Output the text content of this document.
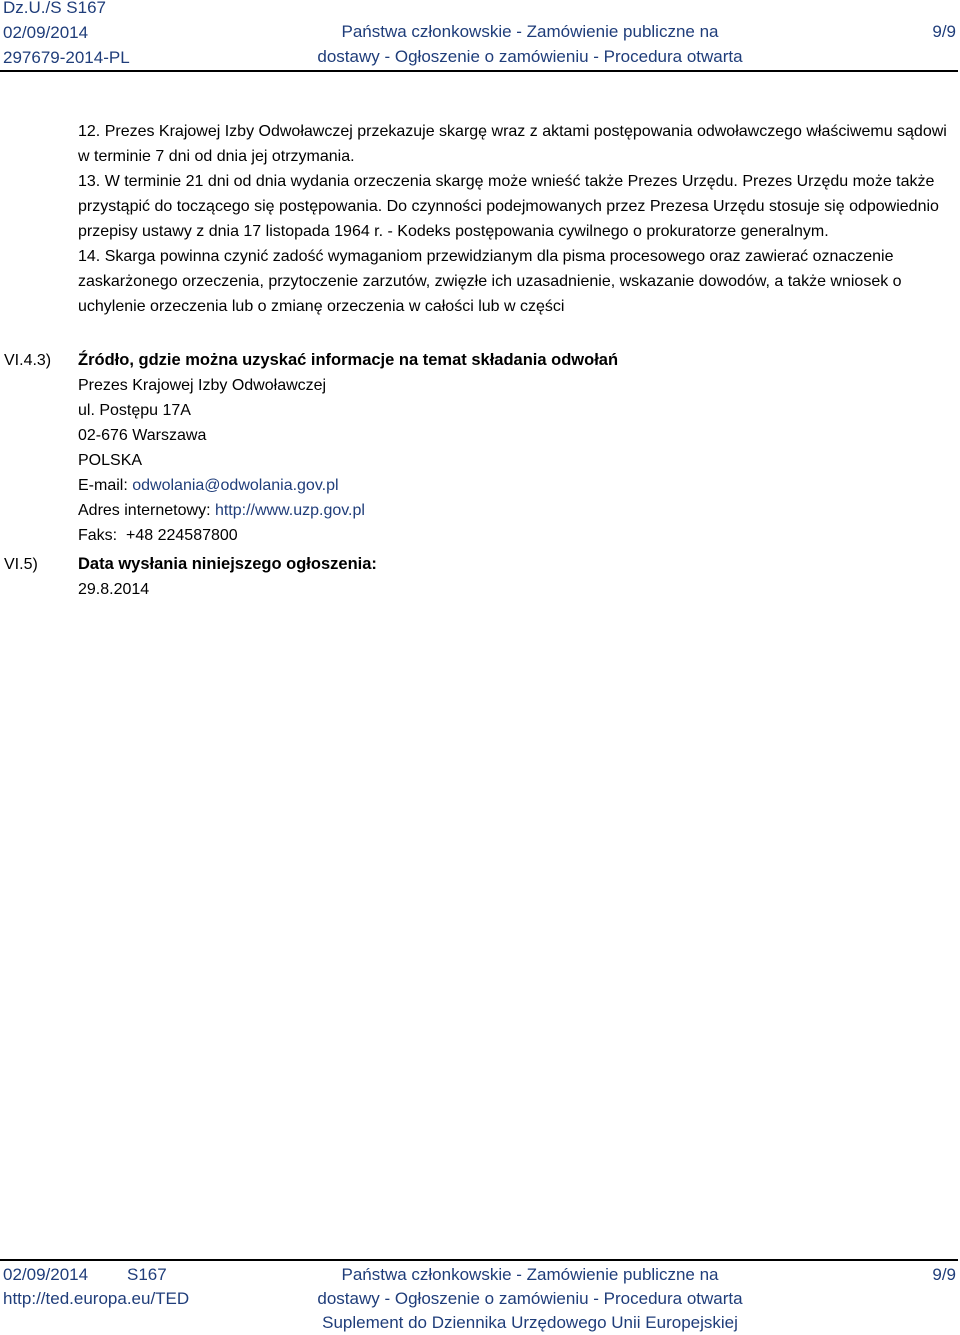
Dz.U./S S167
02/09/2014
297679-2014-PL
Państwa członkowskie - Zamówienie publiczne na
dostawy - Ogłoszenie o zamówieniu - Procedura otwarta
9/9

12. Prezes Krajowej Izby Odwoławczej przekazuje skargę wraz z aktami postępowania odwoławczego właściwemu sądowi w terminie 7 dni od dnia jej otrzymania.

13. W terminie 21 dni od dnia wydania orzeczenia skargę może wnieść także Prezes Urzędu. Prezes Urzędu może także przystąpić do toczącego się postępowania. Do czynności podejmowanych przez Prezesa Urzędu stosuje się odpowiednio przepisy ustawy z dnia 17 listopada 1964 r. - Kodeks postępowania cywilnego o prokuratorze generalnym.

14. Skarga powinna czynić zadość wymaganiom przewidzianym dla pisma procesowego oraz zawierać oznaczenie zaskarżonego orzeczenia, przytoczenie zarzutów, zwięzłe ich uzasadnienie, wskazanie dowodów, a także wniosek o uchylenie orzeczenia lub o zmianę orzeczenia w całości lub w części

VI.4.3) Źródło, gdzie można uzyskać informacje na temat składania odwołań
Prezes Krajowej Izby Odwoławczej
ul. Postępu 17A
02-676 Warszawa
POLSKA
E-mail: odwolania@odwolania.gov.pl
Adres internetowy: http://www.uzp.gov.pl
Faks:  +48 224587800
VI.5) Data wysłania niniejszego ogłoszenia:
29.8.2014
02/09/2014 S167
http://ted.europa.eu/TED
Państwa członkowskie - Zamówienie publiczne na
dostawy - Ogłoszenie o zamówieniu - Procedura otwarta
Suplement do Dziennika Urzędowego Unii Europejskiej
9/9
